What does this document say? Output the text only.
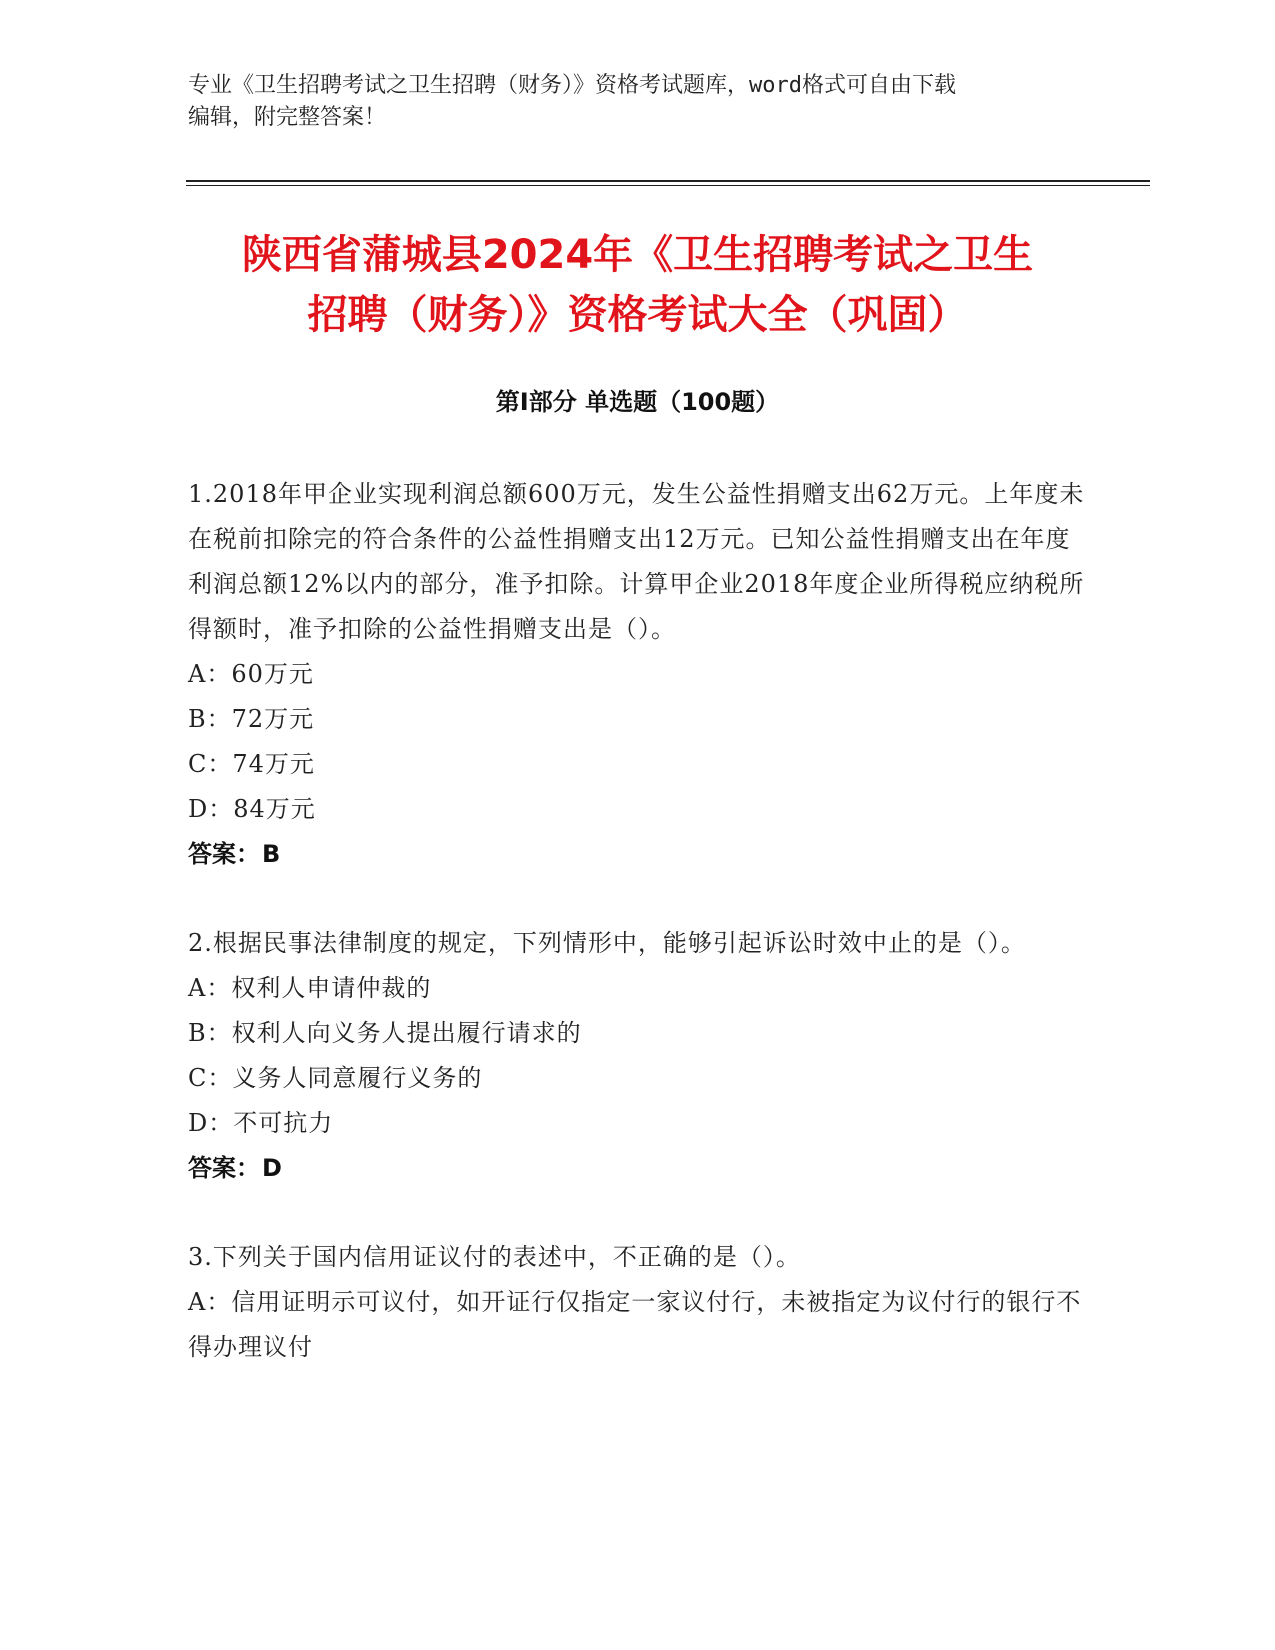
专业《卫生招聘考试之卫生招聘（财务）》资格考试题库，word格式可自由下载
编辑，附完整答案！
陕西省蒲城县2024年《卫生招聘考试之卫生
招聘（财务）》资格考试大全（巩固）
第Ⅰ部分 单选题（100题）
1.2018年甲企业实现利润总额600万元，发生公益性捐赠支出62万元。上年度未在税前扣除完的符合条件的公益性捐赠支出12万元。已知公益性捐赠支出在年度利润总额12%以内的部分，准予扣除。计算甲企业2018年度企业所得税应纳税所得额时，准予扣除的公益性捐赠支出是（）。
A：60万元
B：72万元
C：74万元
D：84万元
答案：B
2.根据民事法律制度的规定，下列情形中，能够引起诉讼时效中止的是（）。
A：权利人申请仲裁的
B：权利人向义务人提出履行请求的
C：义务人同意履行义务的
D：不可抗力
答案：D
3.下列关于国内信用证议付的表述中，不正确的是（）。
A：信用证明示可议付，如开证行仅指定一家议付行，未被指定为议付行的银行不得办理议付
